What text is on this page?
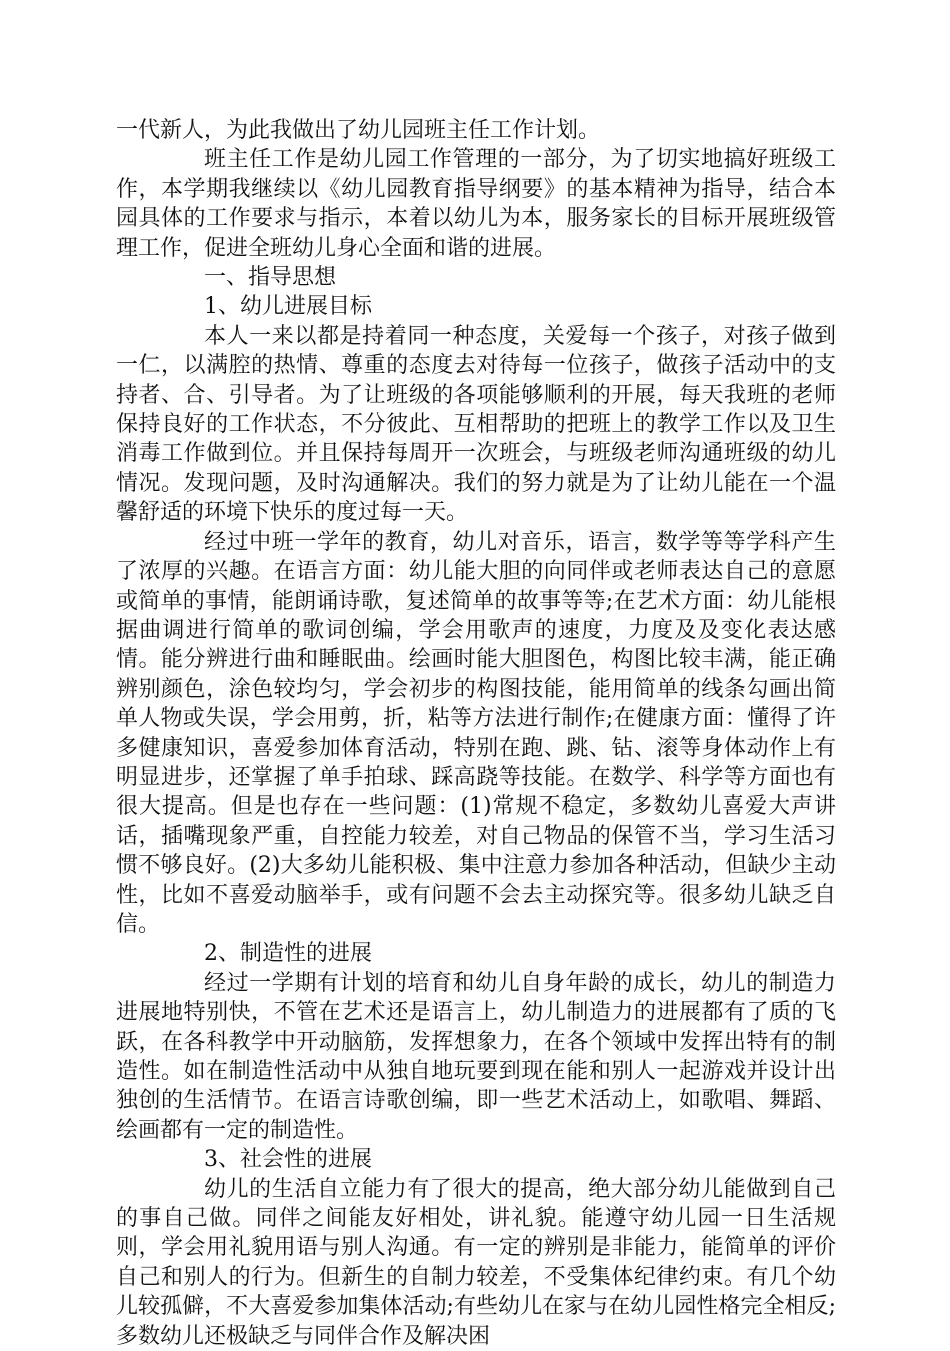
一代新人，为此我做出了幼儿园班主任工作计划。

班主任工作是幼儿园工作管理的一部分，为了切实地搞好班级工作，本学期我继续以《幼儿园教育指导纲要》的基本精神为指导，结合本园具体的工作要求与指示，本着以幼儿为本，服务家长的目标开展班级管理工作，促进全班幼儿身心全面和谐的进展。

一、指导思想

1、幼儿进展目标

本人一来以都是持着同一种态度，关爱每一个孩子，对孩子做到一仁，以满腔的热情、尊重的态度去对待每一位孩子，做孩子活动中的支持者、合、引导者。为了让班级的各项能够顺利的开展，每天我班的老师保持良好的工作状态，不分彼此、互相帮助的把班上的教学工作以及卫生消毒工作做到位。并且保持每周开一次班会，与班级老师沟通班级的幼儿情况。发现问题，及时沟通解决。我们的努力就是为了让幼儿能在一个温馨舒适的环境下快乐的度过每一天。

经过中班一学年的教育，幼儿对音乐，语言，数学等等学科产生了浓厚的兴趣。在语言方面：幼儿能大胆的向同伴或老师表达自己的意愿或简单的事情，能朗诵诗歌，复述简单的故事等等;在艺术方面：幼儿能根据曲调进行简单的歌词创编，学会用歌声的速度，力度及及变化表达感情。能分辨进行曲和睡眠曲。绘画时能大胆图色，构图比较丰满，能正确辨别颜色，涂色较均匀，学会初步的构图技能，能用简单的线条勾画出简单人物或失误，学会用剪，折，粘等方法进行制作;在健康方面：懂得了许多健康知识，喜爱参加体育活动，特别在跑、跳、钻、滚等身体动作上有明显进步，还掌握了单手拍球、踩高跷等技能。在数学、科学等方面也有很大提高。但是也存在一些问题：(1)常规不稳定，多数幼儿喜爱大声讲话，插嘴现象严重，自控能力较差，对自己物品的保管不当，学习生活习惯不够良好。(2)大多幼儿能积极、集中注意力参加各种活动，但缺少主动性，比如不喜爱动脑举手，或有问题不会去主动探究等。很多幼儿缺乏自信。

2、制造性的进展

经过一学期有计划的培育和幼儿自身年龄的成长，幼儿的制造力进展地特别快，不管在艺术还是语言上，幼儿制造力的进展都有了质的飞跃，在各科教学中开动脑筋，发挥想象力，在各个领域中发挥出特有的制造性。如在制造性活动中从独自地玩要到现在能和别人一起游戏并设计出独创的生活情节。在语言诗歌创编，即一些艺术活动上，如歌唱、舞蹈、绘画都有一定的制造性。

3、社会性的进展

幼儿的生活自立能力有了很大的提高，绝大部分幼儿能做到自己的事自己做。同伴之间能友好相处，讲礼貌。能遵守幼儿园一日生活规则，学会用礼貌用语与别人沟通。有一定的辨别是非能力，能简单的评价自己和别人的行为。但新生的自制力较差，不受集体纪律约束。有几个幼儿较孤僻，不大喜爱参加集体活动;有些幼儿在家与在幼儿园性格完全相反;多数幼儿还极缺乏与同伴合作及解决困
